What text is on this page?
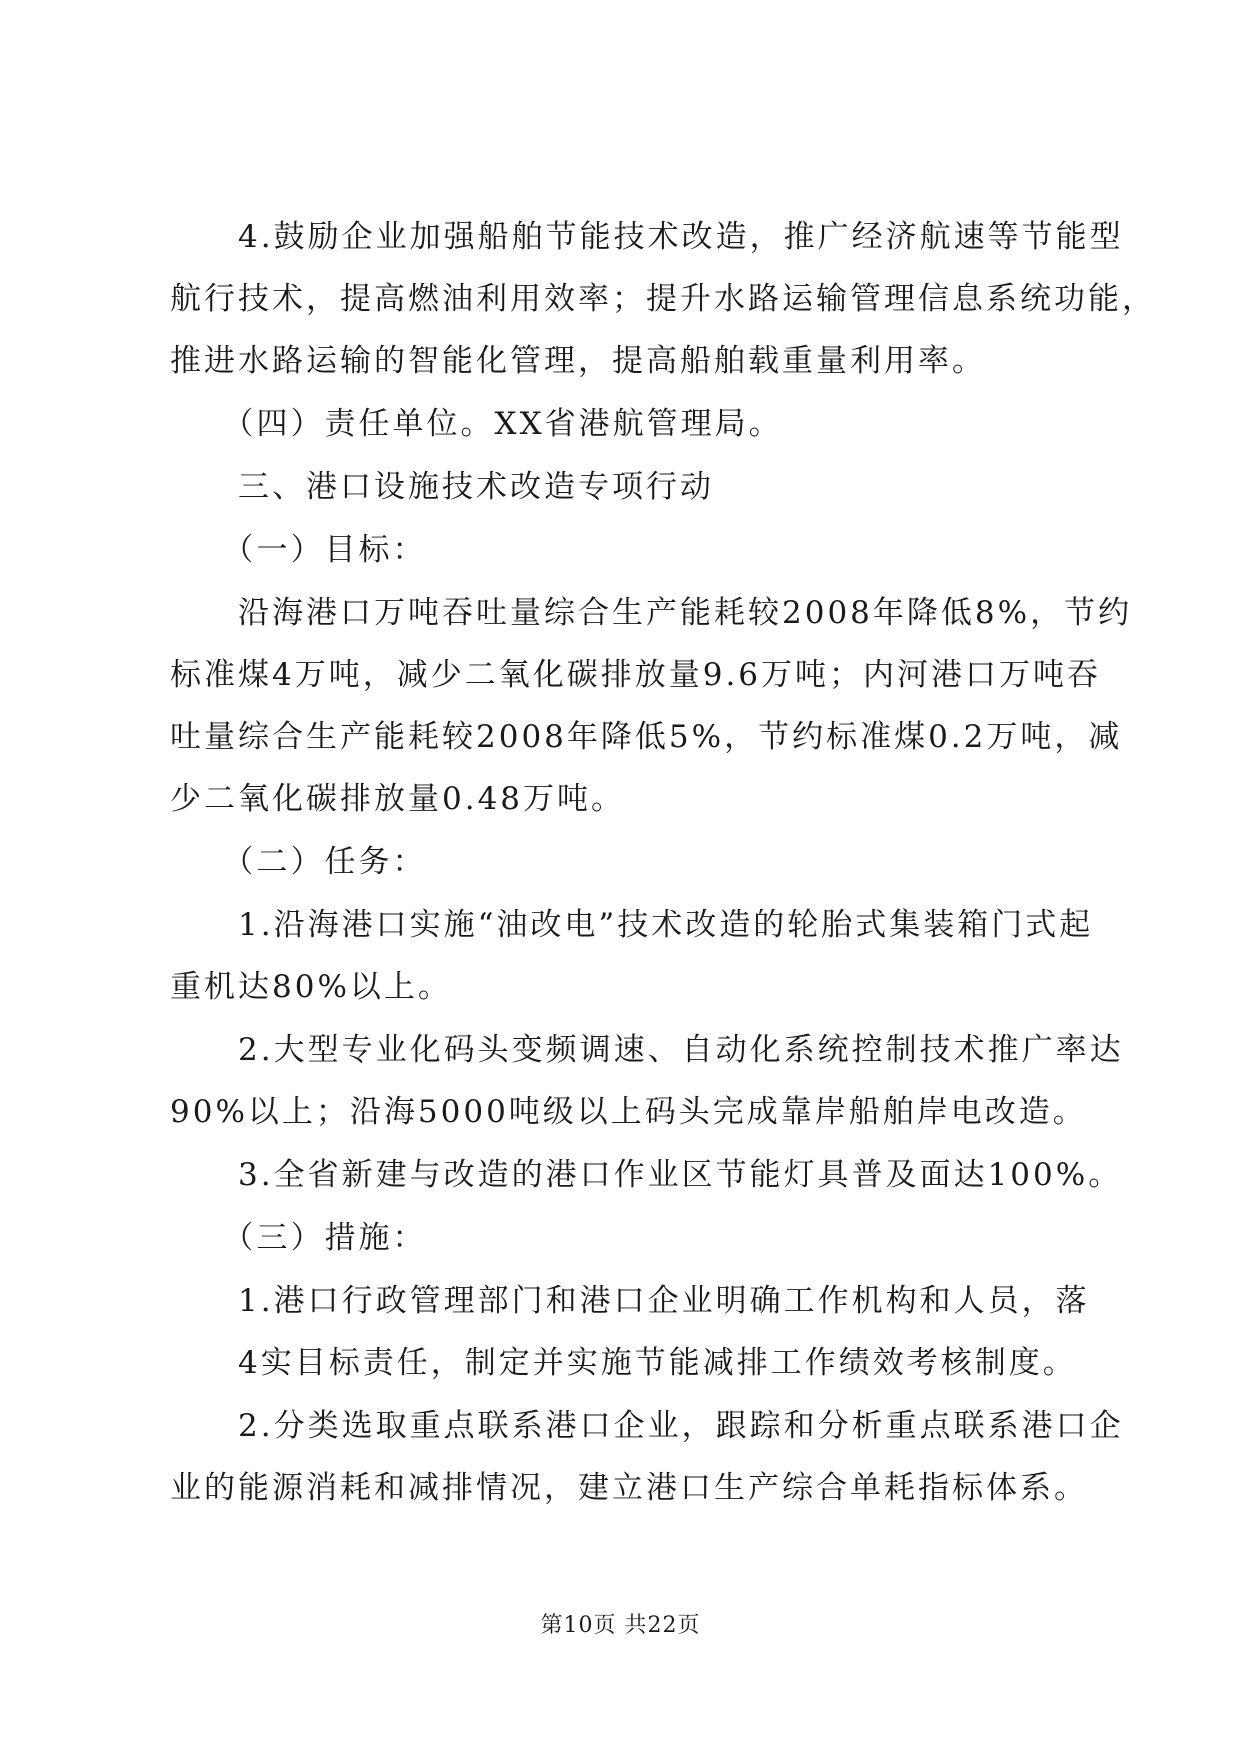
　　4.鼓励企业加强船舶节能技术改造，推广经济航速等节能型
航行技术，提高燃油利用效率；提升水路运输管理信息系统功能，
推进水路运输的智能化管理，提高船舶载重量利用率。
　　（四）责任单位。XX省港航管理局。
　　三、港口设施技术改造专项行动
　　（一）目标：
　　沿海港口万吨吞吐量综合生产能耗较2008年降低8%，节约
标准煤4万吨，减少二氧化碳排放量9.6万吨；内河港口万吨吞
吐量综合生产能耗较2008年降低5%，节约标准煤0.2万吨，减
少二氧化碳排放量0.48万吨。
　　（二）任务：
　　1.沿海港口实施“油改电”技术改造的轮胎式集装箱门式起
重机达80%以上。
　　2.大型专业化码头变频调速、自动化系统控制技术推广率达
90%以上；沿海5000吨级以上码头完成靠岸船舶岸电改造。
　　3.全省新建与改造的港口作业区节能灯具普及面达100%。
　　（三）措施：
　　1.港口行政管理部门和港口企业明确工作机构和人员，落
　　4实目标责任，制定并实施节能减排工作绩效考核制度。
　　2.分类选取重点联系港口企业，跟踪和分析重点联系港口企
业的能源消耗和减排情况，建立港口生产综合单耗指标体系。
第10页 共22页
